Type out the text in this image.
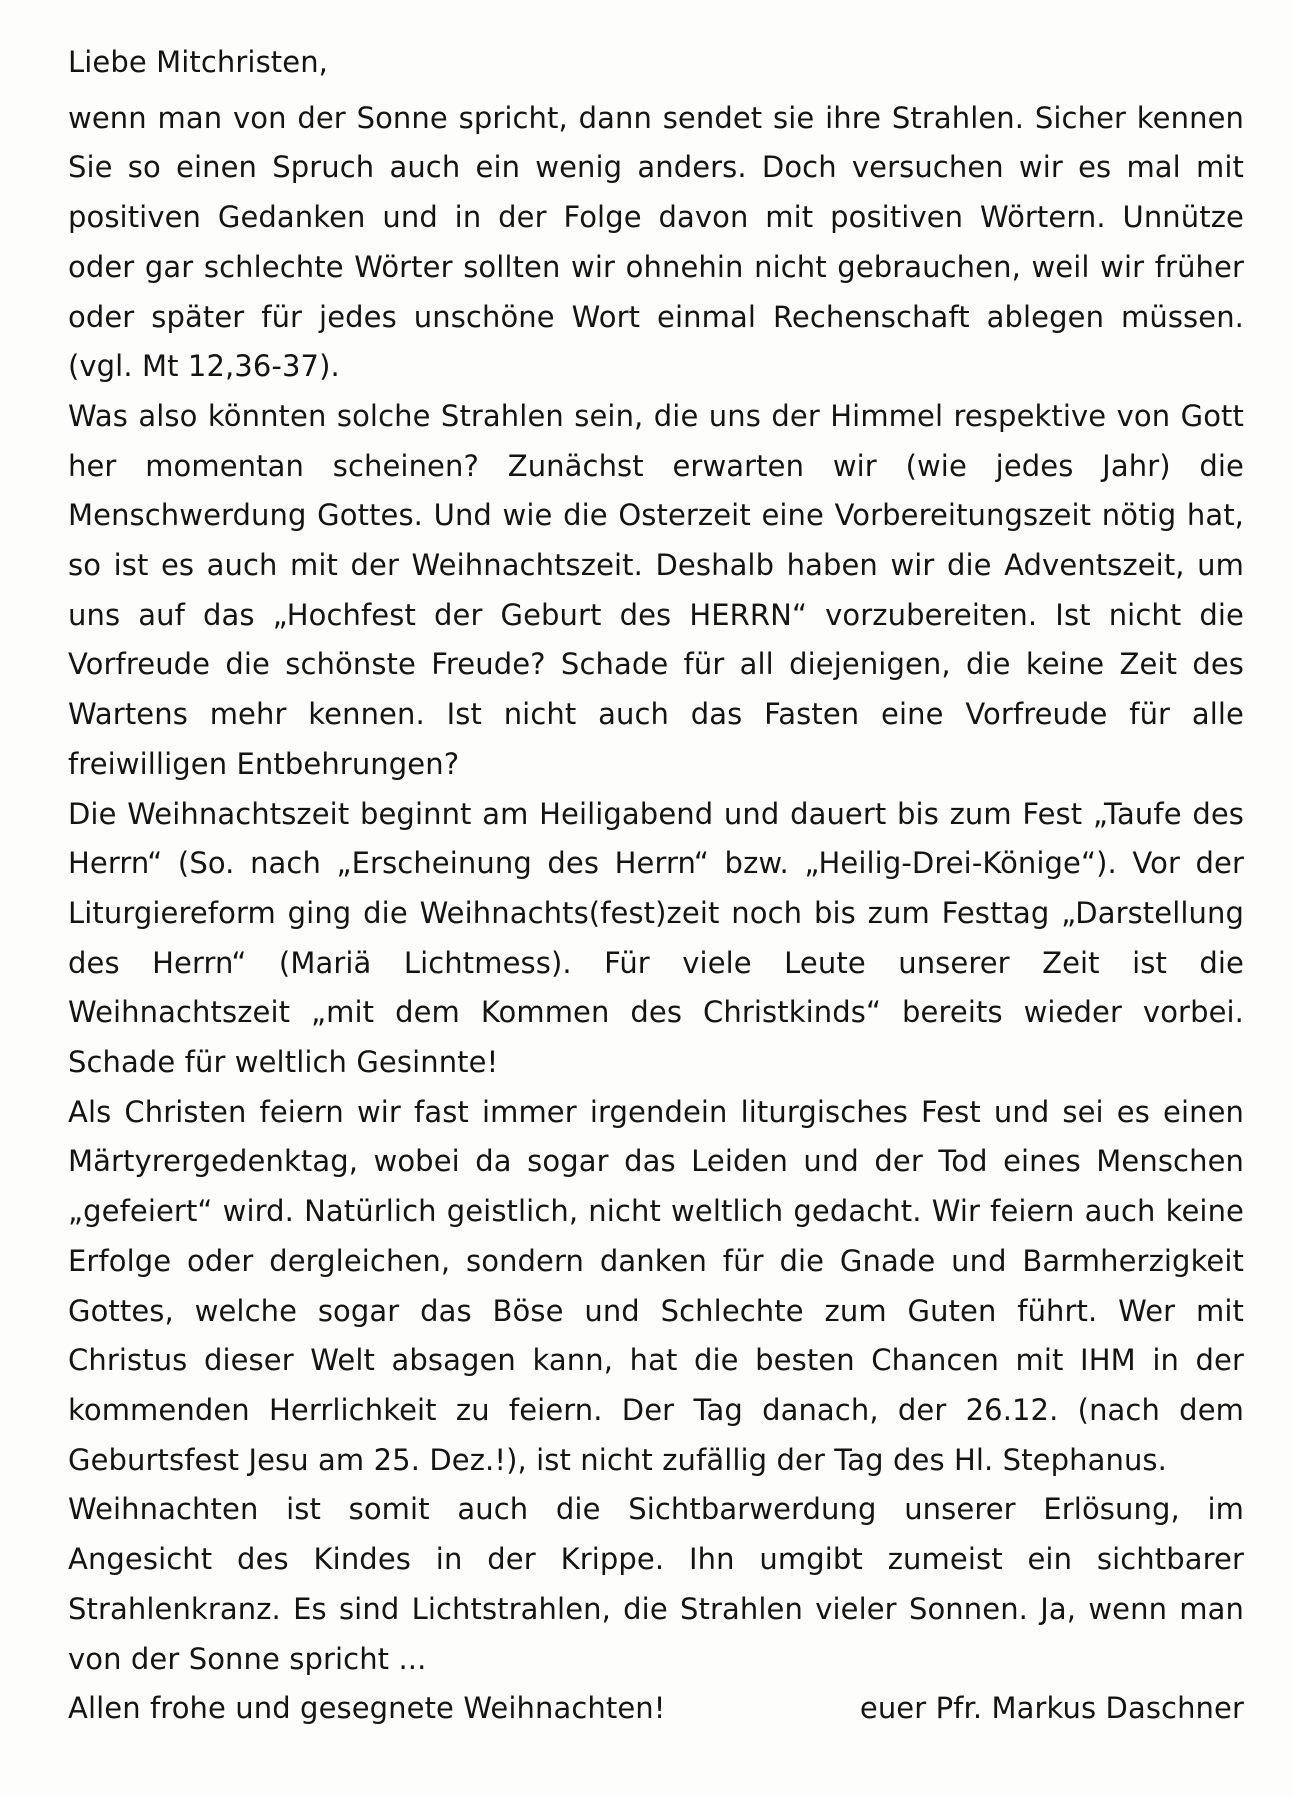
Liebe Mitchristen,

wenn man von der Sonne spricht, dann sendet sie ihre Strahlen. Sicher kennen Sie so einen Spruch auch ein wenig anders. Doch versuchen wir es mal mit positiven Gedanken und in der Folge davon mit positiven Wörtern. Unnütze oder gar schlechte Wörter sollten wir ohnehin nicht gebrauchen, weil wir früher oder später für jedes unschöne Wort einmal Rechenschaft ablegen müssen. (vgl. Mt 12,36-37).

Was also könnten solche Strahlen sein, die uns der Himmel respektive von Gott her momentan scheinen? Zunächst erwarten wir (wie jedes Jahr) die Menschwerdung Gottes. Und wie die Osterzeit eine Vorbereitungszeit nötig hat, so ist es auch mit der Weihnachtszeit. Deshalb haben wir die Adventszeit, um uns auf das „Hochfest der Geburt des HERRN“ vorzubereiten. Ist nicht die Vorfreude die schönste Freude? Schade für all diejenigen, die keine Zeit des Wartens mehr kennen. Ist nicht auch das Fasten eine Vorfreude für alle freiwilligen Entbehrungen?

Die Weihnachtszeit beginnt am Heiligabend und dauert bis zum Fest „Taufe des Herrn“ (So. nach „Erscheinung des Herrn“ bzw. „Heilig-Drei-Könige“). Vor der Liturgiereform ging die Weihnachts(fest)zeit noch bis zum Festtag „Darstellung des Herrn“ (Mariä Lichtmess). Für viele Leute unserer Zeit ist die Weihnachtszeit „mit dem Kommen des Christkinds“ bereits wieder vorbei. Schade für weltlich Gesinnte!

Als Christen feiern wir fast immer irgendein liturgisches Fest und sei es einen Märtyrergedenktag, wobei da sogar das Leiden und der Tod eines Menschen „gefeiert“ wird. Natürlich geistlich, nicht weltlich gedacht. Wir feiern auch keine Erfolge oder dergleichen, sondern danken für die Gnade und Barmherzigkeit Gottes, welche sogar das Böse und Schlechte zum Guten führt. Wer mit Christus dieser Welt absagen kann, hat die besten Chancen mit IHM in der kommenden Herrlichkeit zu feiern. Der Tag danach, der 26.12. (nach dem Geburtsfest Jesu am 25. Dez.!), ist nicht zufällig der Tag des Hl. Stephanus.

Weihnachten ist somit auch die Sichtbarwerdung unserer Erlösung, im Angesicht des Kindes in der Krippe. Ihn umgibt zumeist ein sichtbarer Strahlenkranz. Es sind Lichtstrahlen, die Strahlen vieler Sonnen. Ja, wenn man von der Sonne spricht ...

Allen frohe und gesegnete Weihnachten!	euer Pfr. Markus Daschner
